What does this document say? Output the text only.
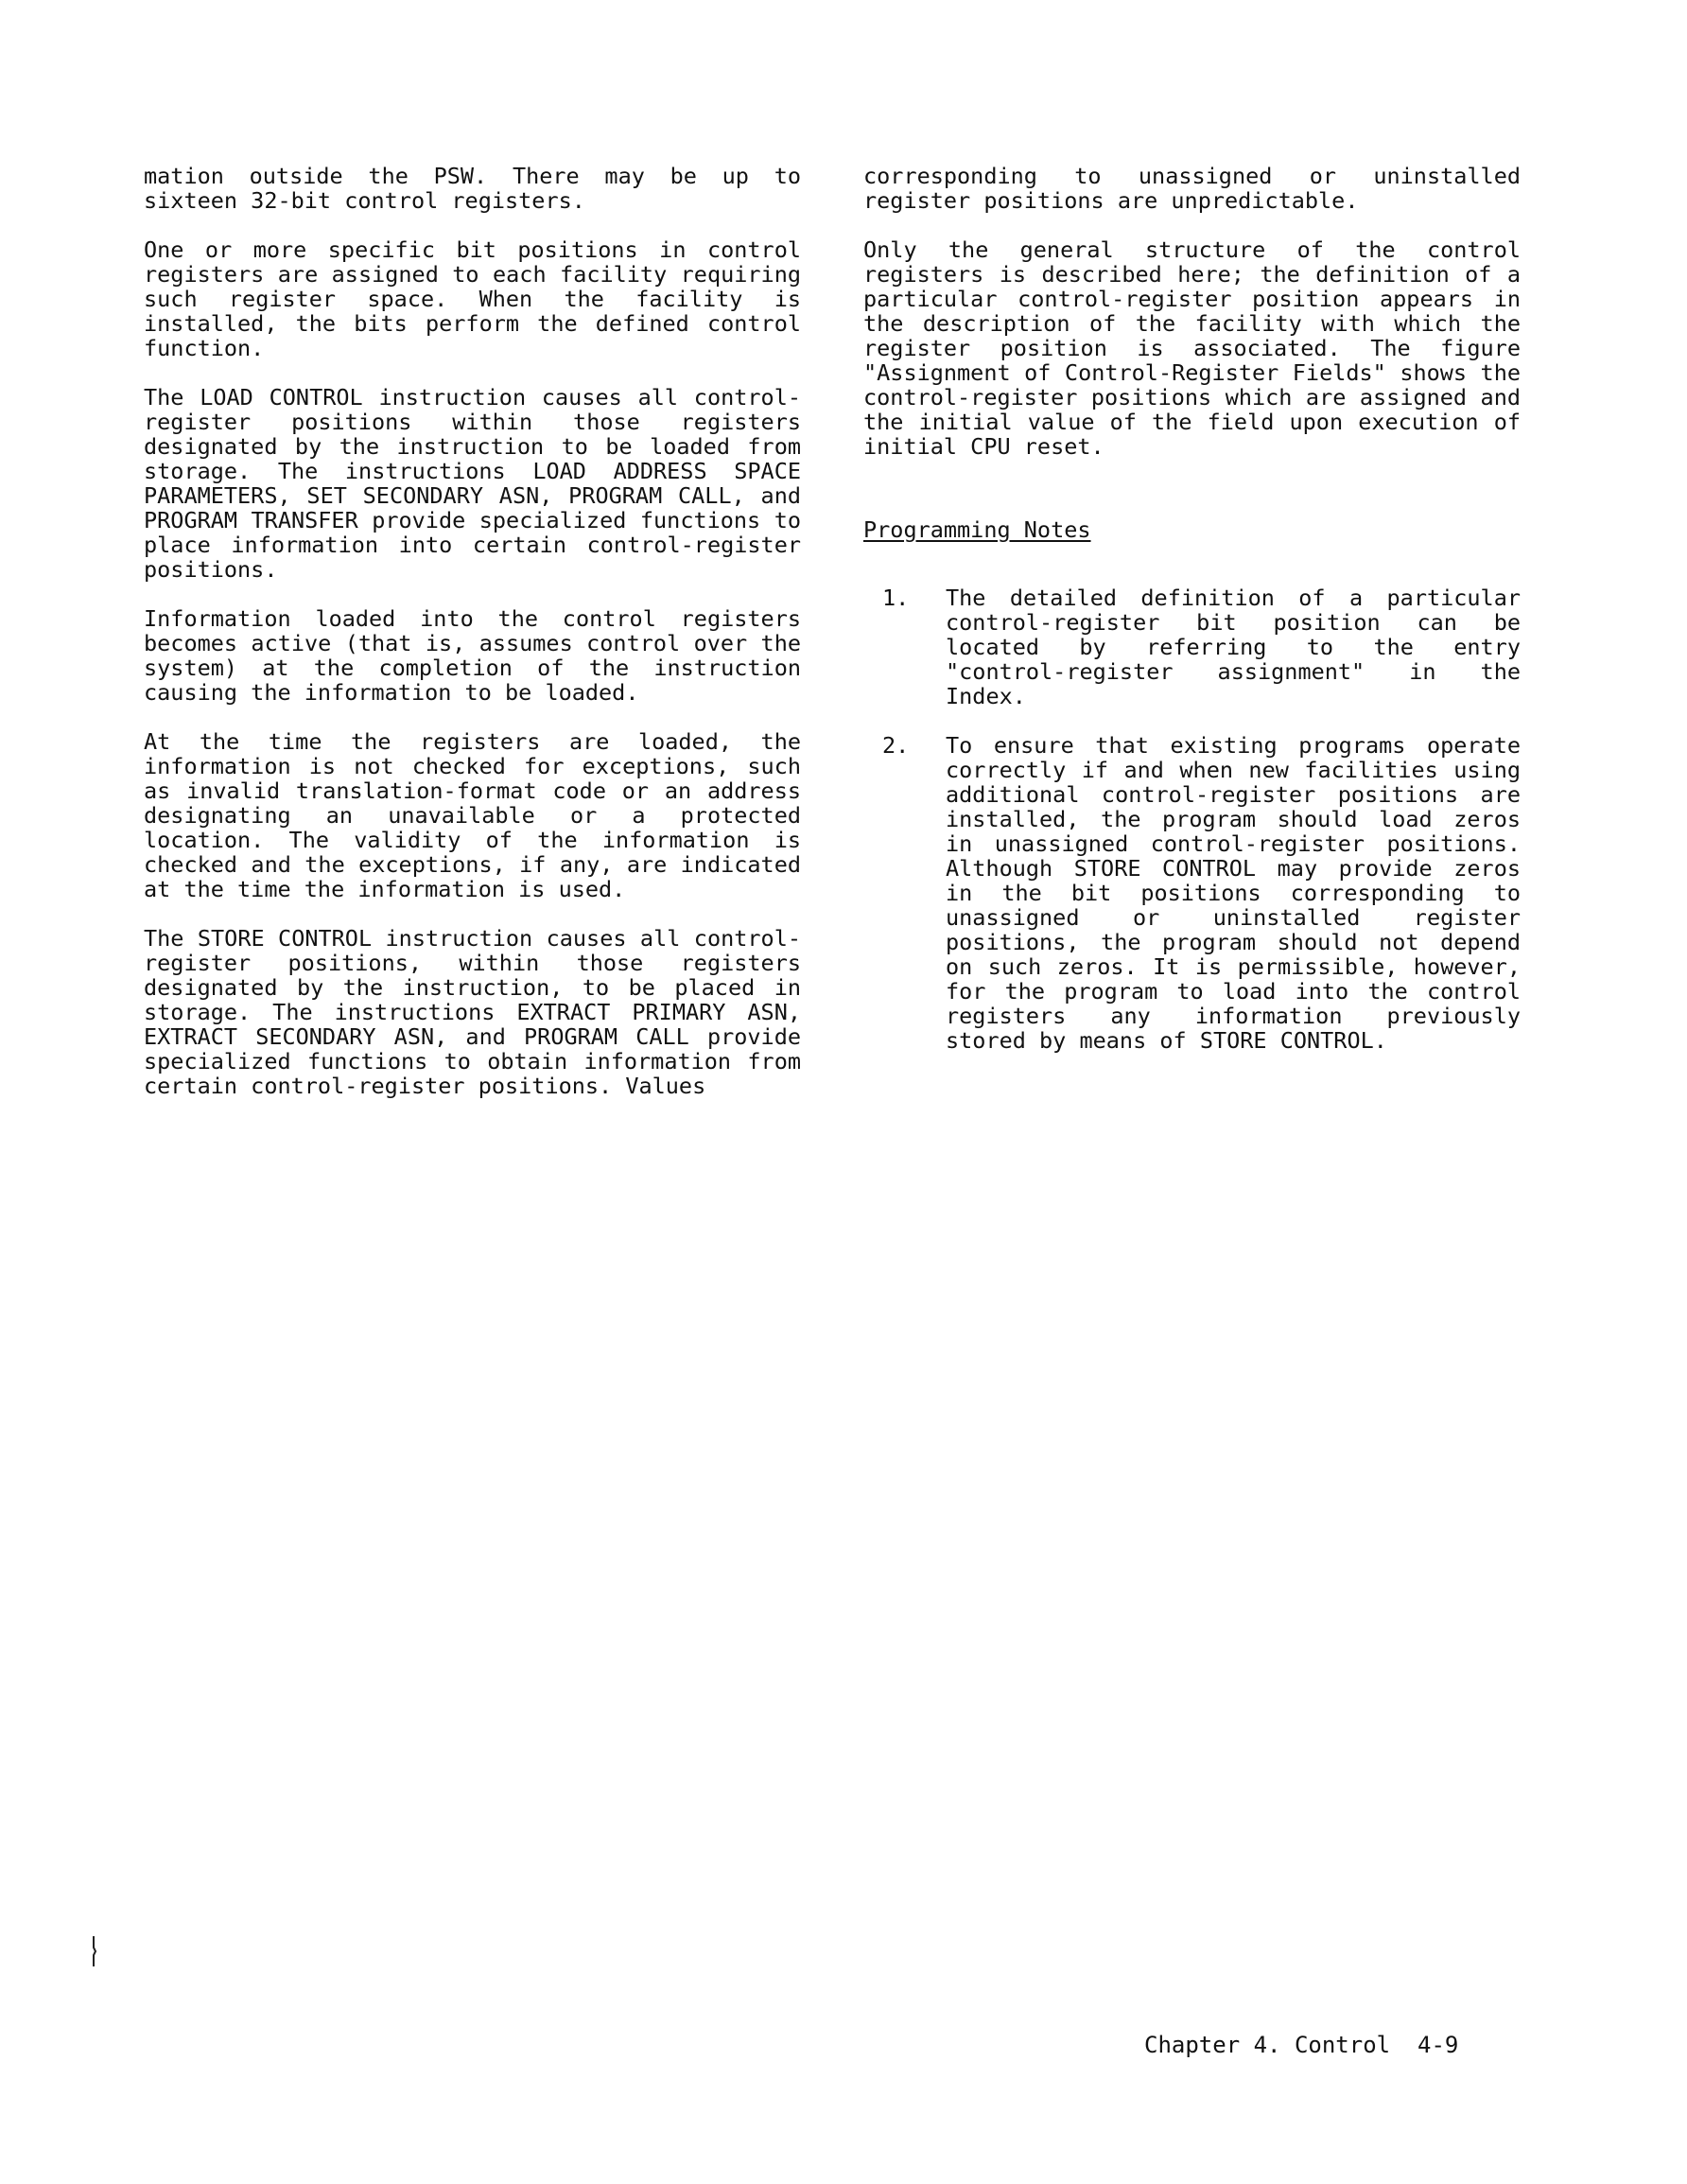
mation outside the PSW. There may be up to sixteen 32-bit control registers.

One or more specific bit positions in control registers are assigned to each facility requiring such register space. When the facility is installed, the bits perform the defined control function.

The LOAD CONTROL instruction causes all control-register positions within those registers designated by the instruction to be loaded from storage. The instructions LOAD ADDRESS SPACE PARAMETERS, SET SECONDARY ASN, PROGRAM CALL, and PROGRAM TRANSFER provide specialized functions to place information into certain control-register positions.

Information loaded into the control registers becomes active (that is, assumes control over the system) at the completion of the instruction causing the information to be loaded.

At the time the registers are loaded, the information is not checked for exceptions, such as invalid translation-format code or an address designating an unavailable or a protected location. The validity of the information is checked and the exceptions, if any, are indicated at the time the information is used.

The STORE CONTROL instruction causes all control-register positions, within those registers designated by the instruction, to be placed in storage. The instructions EXTRACT PRIMARY ASN, EXTRACT SECONDARY ASN, and PROGRAM CALL provide specialized functions to obtain information from certain control-register positions. Values

corresponding to unassigned or uninstalled register positions are unpredictable.

Only the general structure of the control registers is described here; the definition of a particular control-register position appears in the description of the facility with which the register position is associated. The figure "Assignment of Control-Register Fields" shows the control-register positions which are assigned and the initial value of the field upon execution of initial CPU reset.

Programming Notes

1. The detailed definition of a particular control-register bit position can be located by referring to the entry "control-register assignment" in the Index.
2. To ensure that existing programs operate correctly if and when new facilities using additional control-register positions are installed, the program should load zeros in unassigned control-register positions. Although STORE CONTROL may provide zeros in the bit positions corresponding to unassigned or uninstalled register positions, the program should not depend on such zeros. It is permissible, however, for the program to load into the control registers any information previously stored by means of STORE CONTROL.
Chapter 4. Control 4-9
